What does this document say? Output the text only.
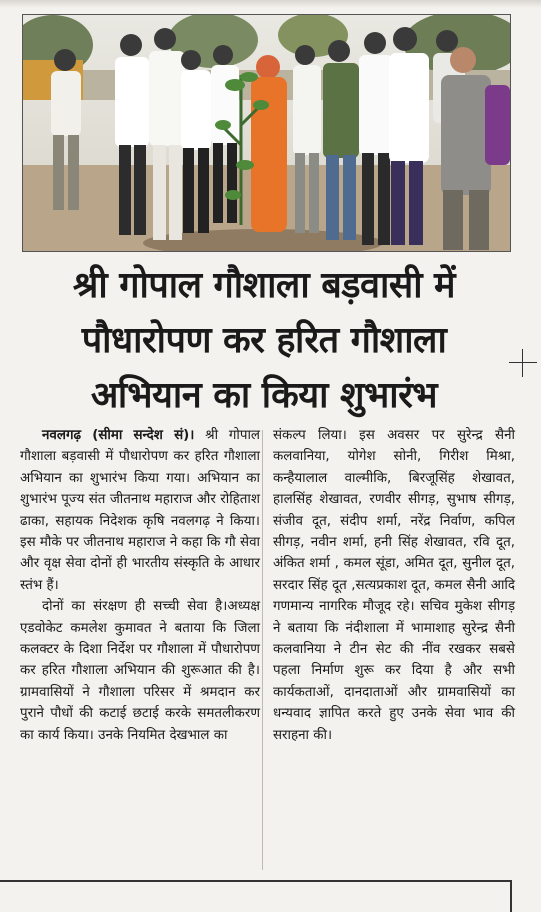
श्री गोपाल गौशाला बड़वासी में
पौधारोपण कर हरित गौशाला
अभियान का किया शुभारंभ

नवलगढ़ (सीमा सन्देश सं)। श्री गोपाल गौशाला बड़वासी में पौधारोपण कर हरित गौशाला अभियान का शुभारंभ किया गया। अभियान का शुभारंभ पूज्य संत जीतनाथ महाराज और रोहिताश ढाका, सहायक निदेशक कृषि नवलगढ़ ने किया। इस मौके पर जीतनाथ महाराज ने कहा कि गौ सेवा और वृक्ष सेवा दोनों ही भारतीय संस्कृति के आधार स्तंभ हैं।

दोनों का संरक्षण ही सच्ची सेवा है।अध्यक्ष एडवोकेट कमलेश कुमावत ने बताया कि जिला कलक्टर के दिशा निर्देश पर गौशाला में पौधारोपण कर हरित गौशाला अभियान की शुरूआत की है। ग्रामवासियों ने गौशाला परिसर में श्रमदान कर पुराने पौधों की कटाई छटाई करके समतलीकरण का कार्य किया। उनके नियमित देखभाल का

संकल्प लिया। इस अवसर पर सुरेन्द्र सैनी कलवानिया, योगेश सोनी, गिरीश मिश्रा, कन्हैयालाल वाल्मीकि, बिरजूसिंह शेखावत, हालसिंह शेखावत, रणवीर सीगड़, सुभाष सीगड़, संजीव दूत, संदीप शर्मा, नरेंद्र निर्वाण, कपिल सीगड़, नवीन शर्मा, हनी सिंह शेखावत, रवि दूत, अंकित शर्मा , कमल सूंडा, अमित दूत, सुनील दूत, सरदार सिंह दूत ,सत्यप्रकाश दूत, कमल सैनी आदि गणमान्य नागरिक मौजूद रहे। सचिव मुकेश सीगड़ ने बताया कि नंदीशाला में भामाशाह सुरेन्द्र सैनी कलवानिया ने टीन सेट की नींव रखकर सबसे पहला निर्माण शुरू कर दिया है और सभी कार्यकताओं, दानदाताओं और ग्रामवासियों का धन्यवाद ज्ञापित करते हुए उनके सेवा भाव की सराहना की।
